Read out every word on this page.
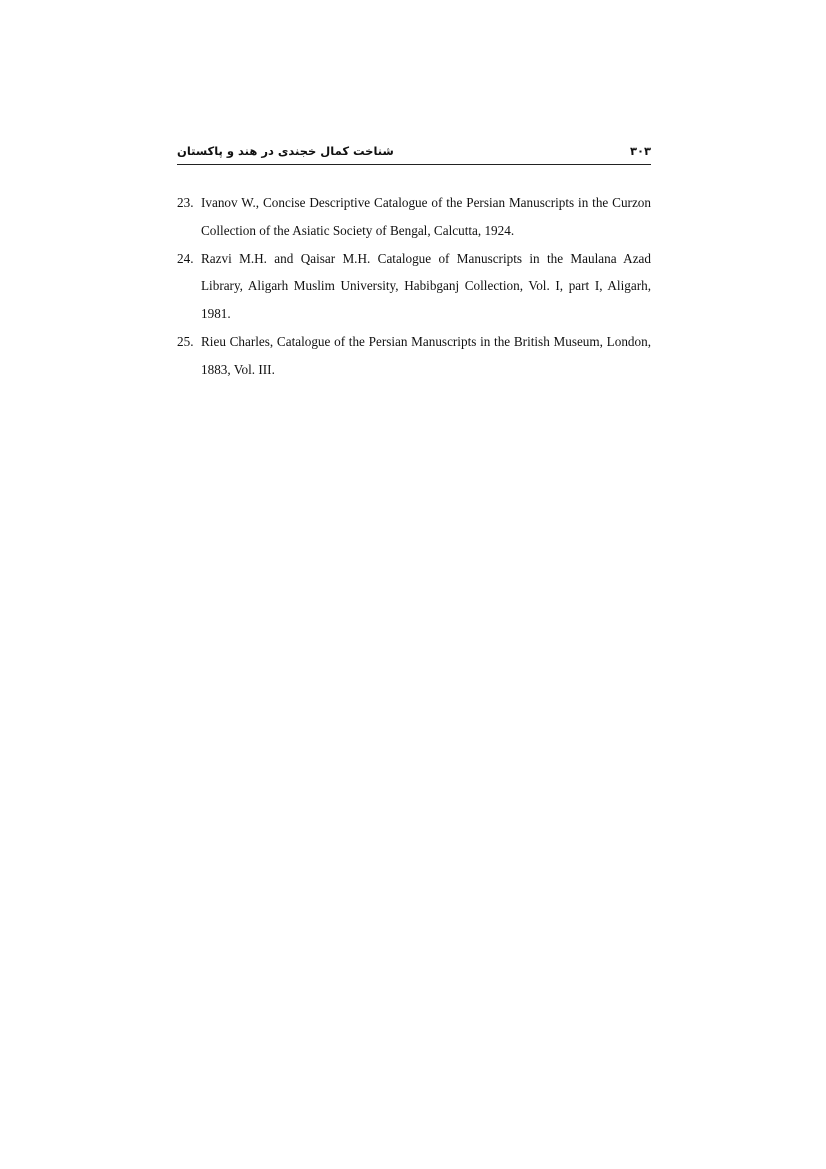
شناخت کمال خجندی در هند و پاکستان	۳۰۳
23. Ivanov W., Concise Descriptive Catalogue of the Persian Manuscripts in the Curzon Collection of the Asiatic Society of Bengal, Calcutta, 1924.
24. Razvi M.H. and Qaisar M.H. Catalogue of Manuscripts in the Maulana Azad Library, Aligarh Muslim University, Habibganj Collection, Vol. I, part I, Aligarh, 1981.
25. Rieu Charles, Catalogue of the Persian Manuscripts in the British Museum, London, 1883, Vol. III.
